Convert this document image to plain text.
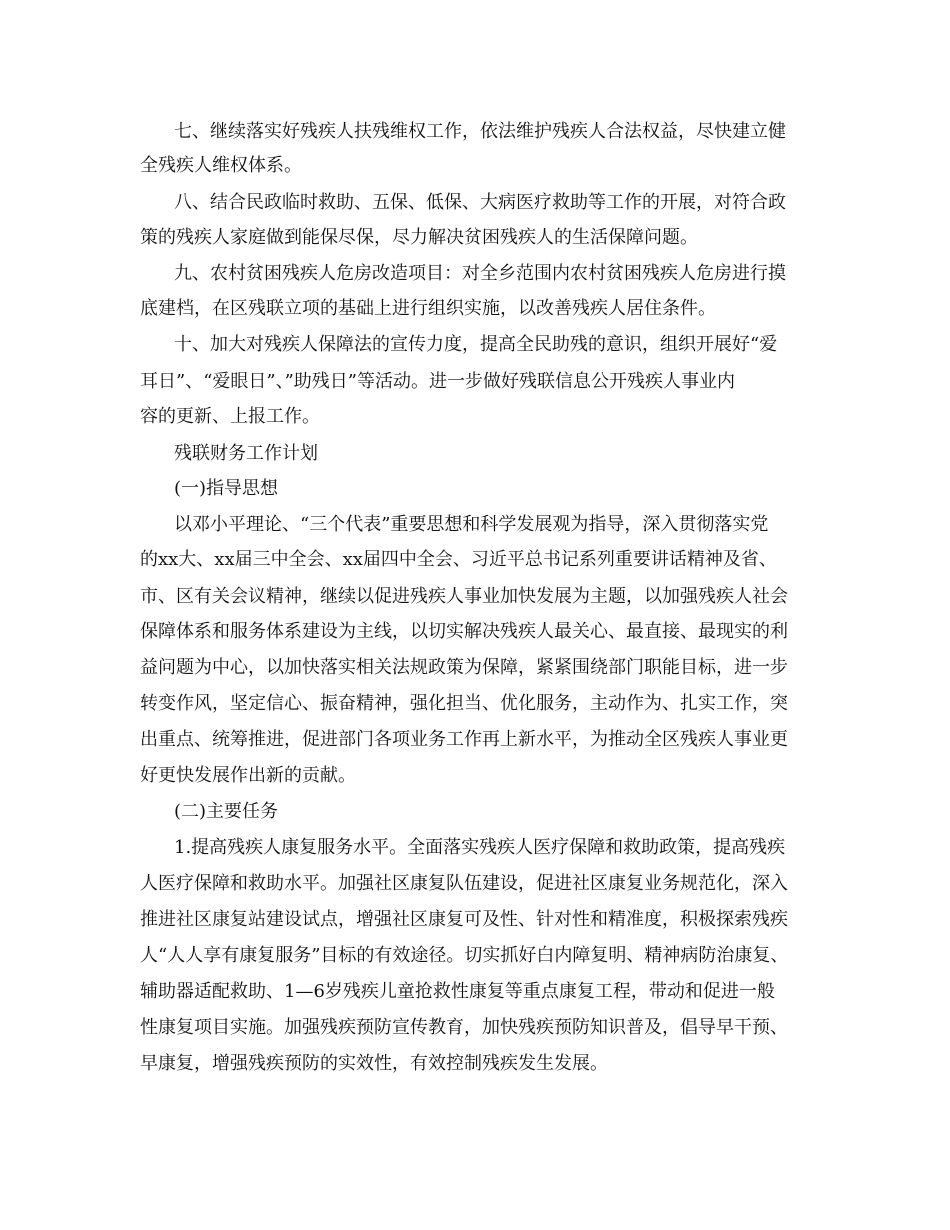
七、继续落实好残疾人扶残维权工作，依法维护残疾人合法权益，尽快建立健
全残疾人维权体系。
八、结合民政临时救助、五保、低保、大病医疗救助等工作的开展，对符合政
策的残疾人家庭做到能保尽保，尽力解决贫困残疾人的生活保障问题。
九、农村贫困残疾人危房改造项目：对全乡范围内农村贫困残疾人危房进行摸
底建档，在区残联立项的基础上进行组织实施，以改善残疾人居住条件。
十、加大对残疾人保障法的宣传力度，提高全民助残的意识，组织开展好“爱
耳日”、“爱眼日”、”助残日”等活动。进一步做好残联信息公开残疾人事业内
容的更新、上报工作。
残联财务工作计划
(一)指导思想
以邓小平理论、“三个代表”重要思想和科学发展观为指导，深入贯彻落实党
的xx大、xx届三中全会、xx届四中全会、习近平总书记系列重要讲话精神及省、
市、区有关会议精神，继续以促进残疾人事业加快发展为主题，以加强残疾人社会
保障体系和服务体系建设为主线，以切实解决残疾人最关心、最直接、最现实的利
益问题为中心，以加快落实相关法规政策为保障，紧紧围绕部门职能目标，进一步
转变作风，坚定信心、振奋精神，强化担当、优化服务，主动作为、扎实工作，突
出重点、统筹推进，促进部门各项业务工作再上新水平，为推动全区残疾人事业更
好更快发展作出新的贡献。
(二)主要任务
1.提高残疾人康复服务水平。全面落实残疾人医疗保障和救助政策，提高残疾
人医疗保障和救助水平。加强社区康复队伍建设，促进社区康复业务规范化，深入
推进社区康复站建设试点，增强社区康复可及性、针对性和精准度，积极探索残疾
人“人人享有康复服务”目标的有效途径。切实抓好白内障复明、精神病防治康复、
辅助器适配救助、1—6岁残疾儿童抢救性康复等重点康复工程，带动和促进一般
性康复项目实施。加强残疾预防宣传教育，加快残疾预防知识普及，倡导早干预、
早康复，增强残疾预防的实效性，有效控制残疾发生发展。
